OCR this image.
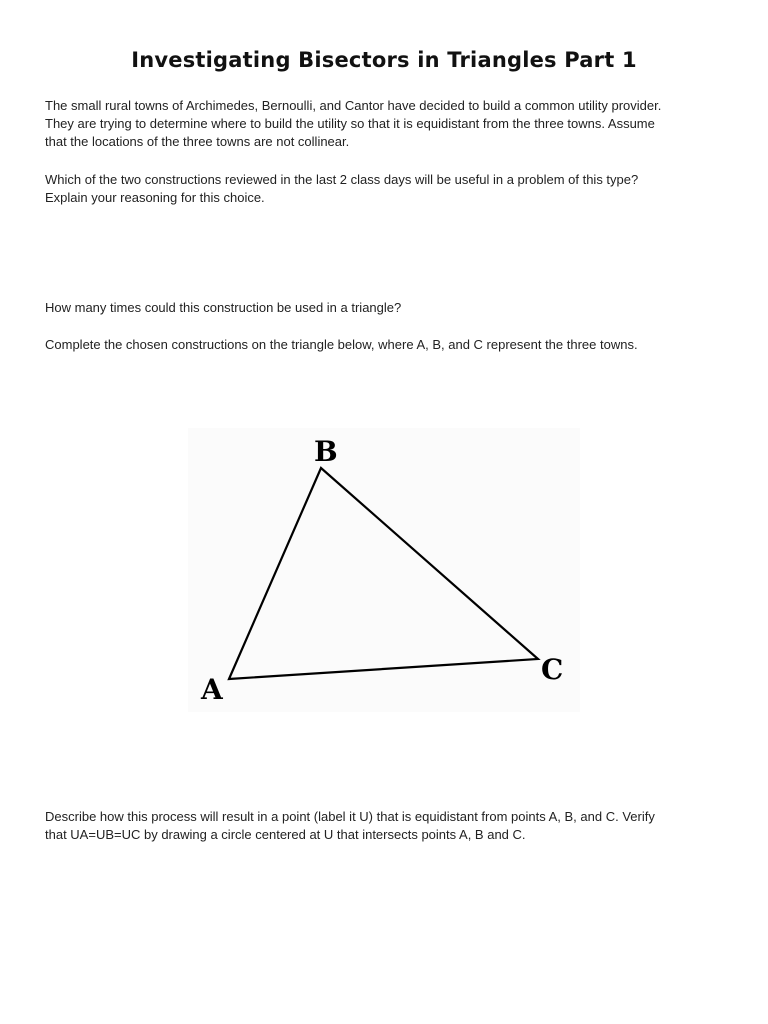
Investigating Bisectors in Triangles Part 1

The small rural towns of Archimedes, Bernoulli, and Cantor have decided to build a common utility provider.
They are trying to determine where to build the utility so that it is equidistant from the three towns. Assume
that the locations of the three towns are not collinear.

Which of the two constructions reviewed in the last 2 class days will be useful in a problem of this type?
Explain your reasoning for this choice.

How many times could this construction be used in a triangle?

Complete the chosen constructions on the triangle below, where A, B, and C represent the three towns.

B
A
C

Describe how this process will result in a point (label it U) that is equidistant from points A, B, and C. Verify
that UA=UB=UC by drawing a circle centered at U that intersects points A, B and C.
